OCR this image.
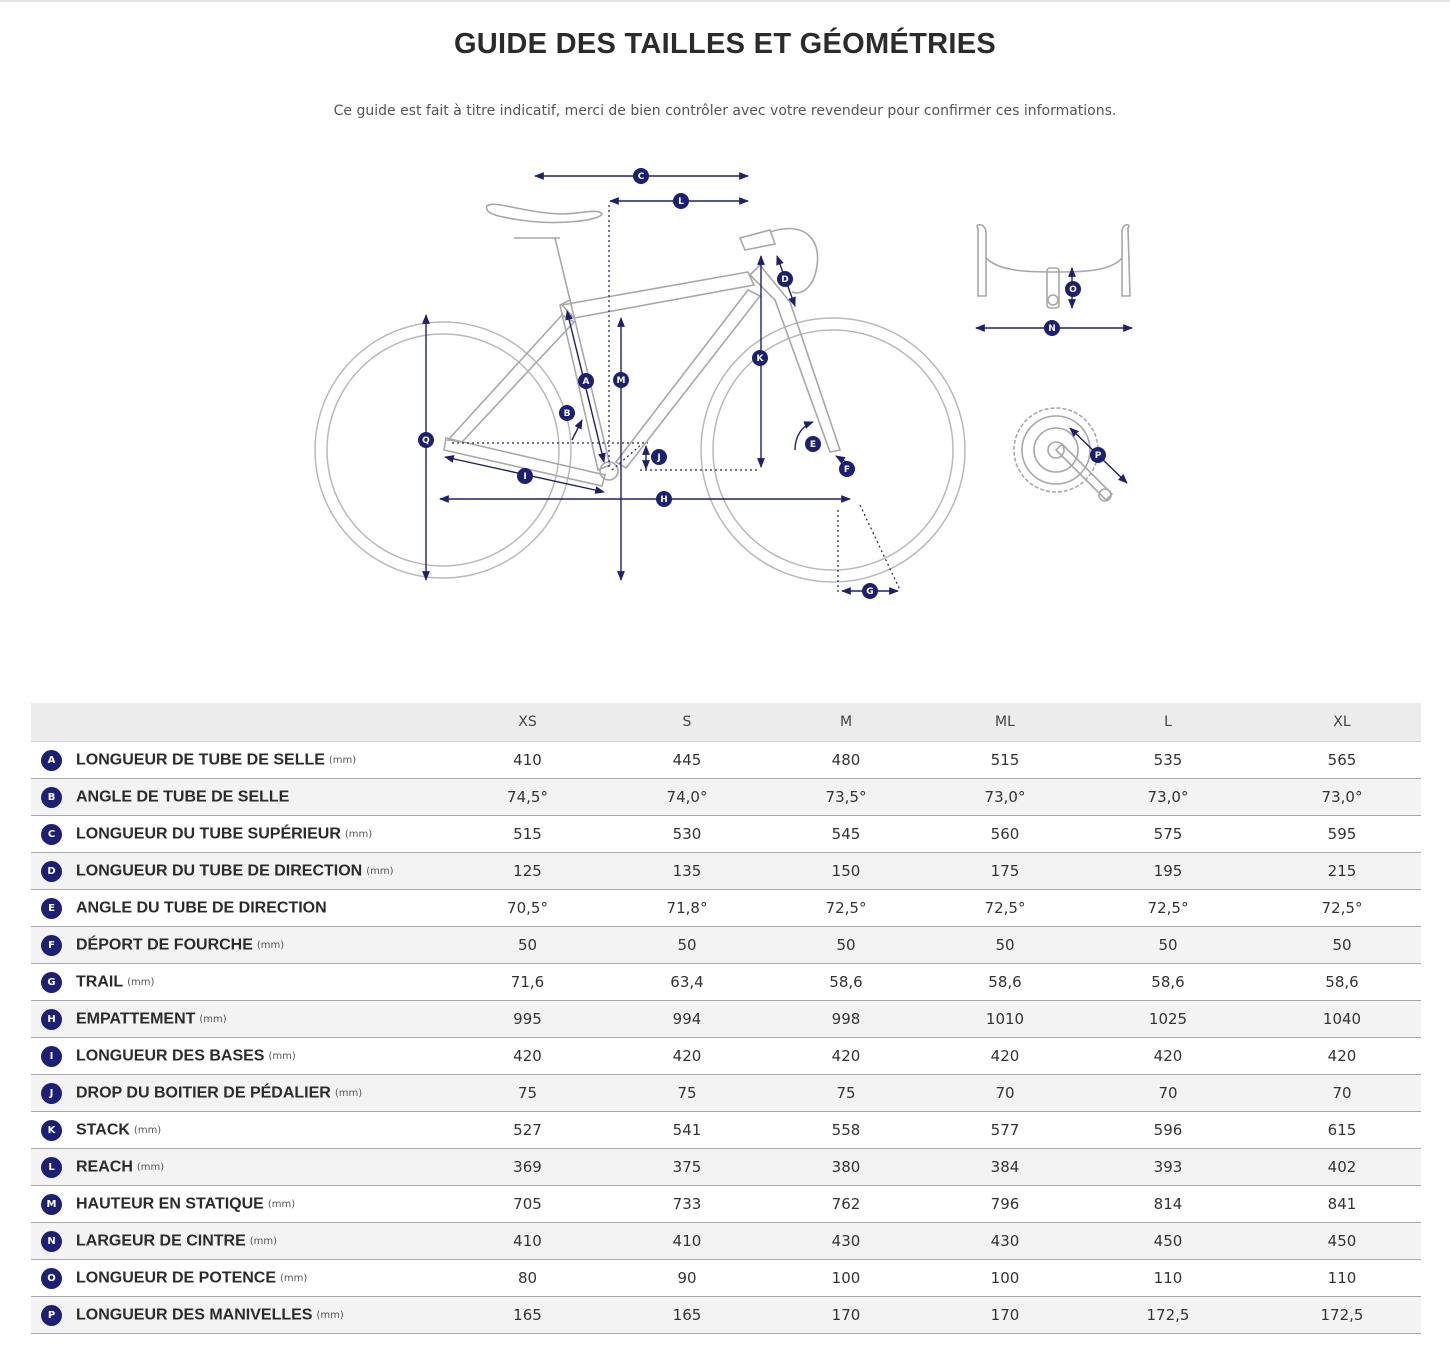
GUIDE DES TAILLES ET GÉOMÉTRIES
Ce guide est fait à titre indicatif, merci de bien contrôler avec votre revendeur pour confirmer ces informations.
C
L
D
A	M
K
B
E
Q
J
F
I
H
G
N
O
P
	XS	S	M	ML	L	XL
A LONGUEUR DE TUBE DE SELLE (mm)	410	445	480	515	535	565
B ANGLE DE TUBE DE SELLE	74,5°	74,0°	73,5°	73,0°	73,0°	73,0°
C LONGUEUR DU TUBE SUPÉRIEUR (mm)	515	530	545	560	575	595
D LONGUEUR DU TUBE DE DIRECTION (mm)	125	135	150	175	195	215
E ANGLE DU TUBE DE DIRECTION	70,5°	71,8°	72,5°	72,5°	72,5°	72,5°
F DÉPORT DE FOURCHE (mm)	50	50	50	50	50	50
G TRAIL (mm)	71,6	63,4	58,6	58,6	58,6	58,6
H EMPATTEMENT (mm)	995	994	998	1010	1025	1040
I LONGUEUR DES BASES (mm)	420	420	420	420	420	420
J DROP DU BOITIER DE PÉDALIER (mm)	75	75	75	70	70	70
K STACK (mm)	527	541	558	577	596	615
L REACH (mm)	369	375	380	384	393	402
M HAUTEUR EN STATIQUE (mm)	705	733	762	796	814	841
N LARGEUR DE CINTRE (mm)	410	410	430	430	450	450
O LONGUEUR DE POTENCE (mm)	80	90	100	100	110	110
P LONGUEUR DES MANIVELLES (mm)	165	165	170	170	172,5	172,5
